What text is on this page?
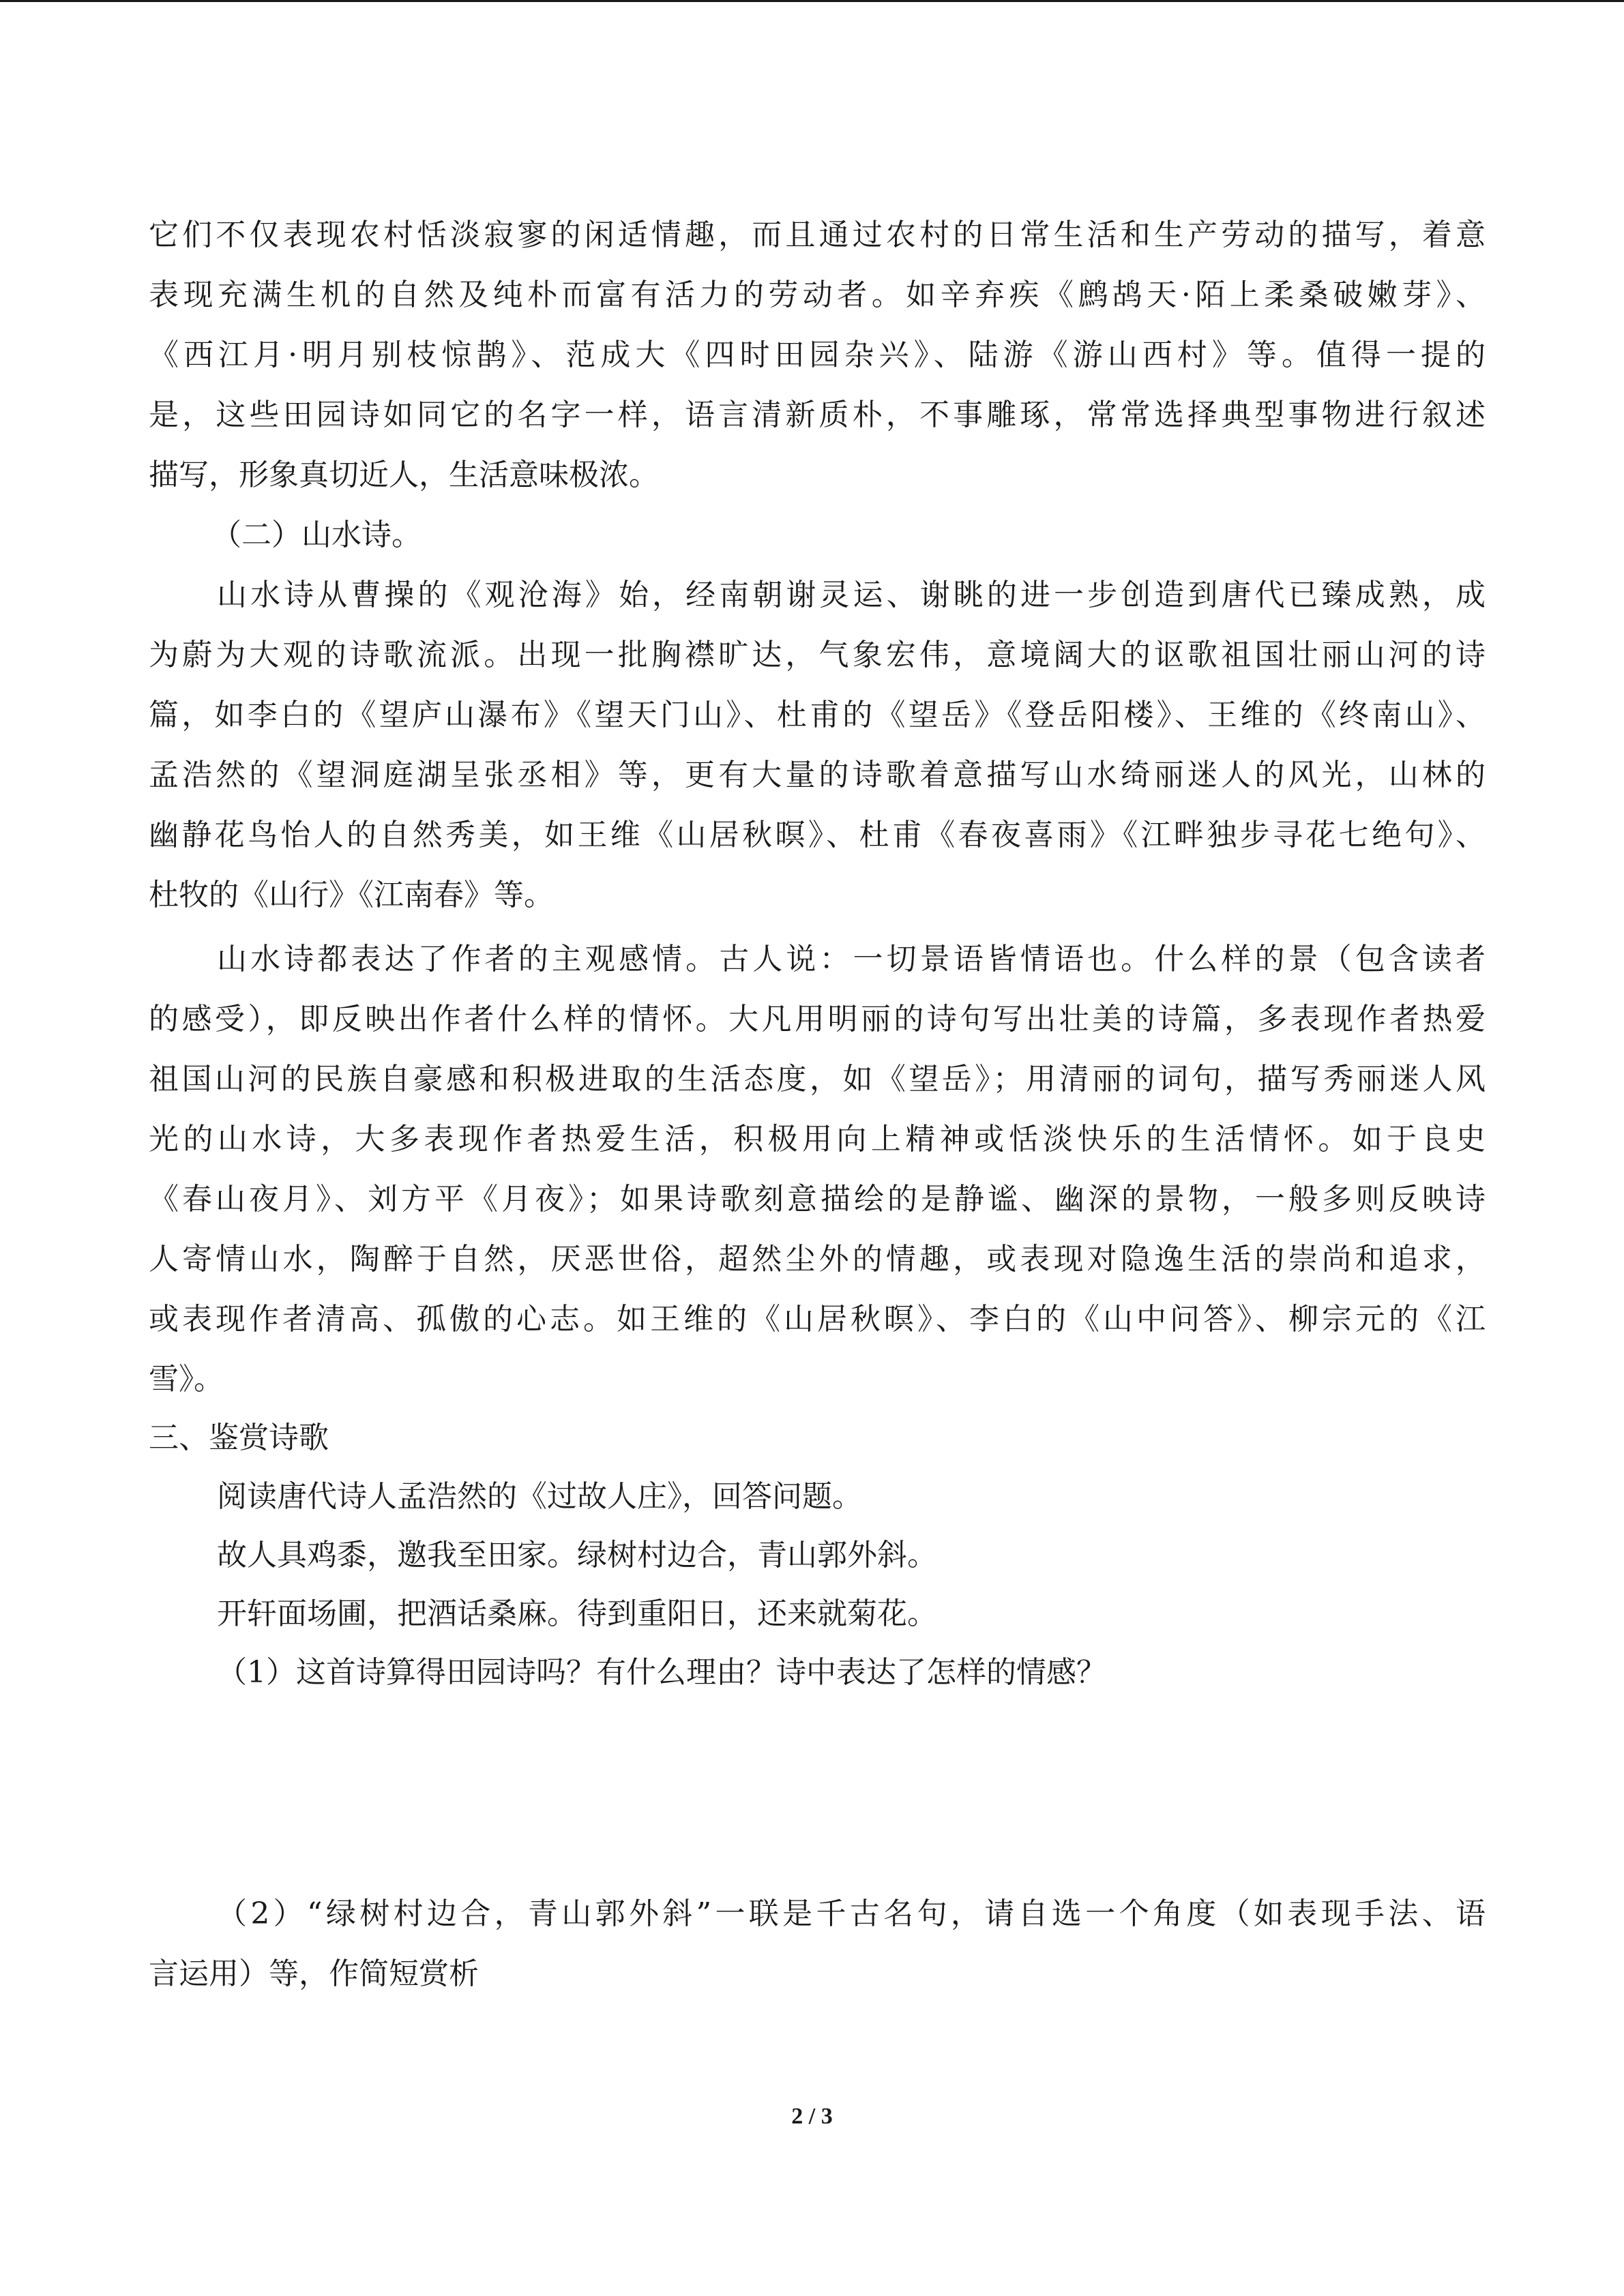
它们不仅表现农村恬淡寂寥的闲适情趣，而且通过农村的日常生活和生产劳动的描写，着意
表现充满生机的自然及纯朴而富有活力的劳动者。如辛弃疾《鹧鸪天·陌上柔桑破嫩芽》、
《西江月·明月别枝惊鹊》、范成大《四时田园杂兴》、陆游《游山西村》等。值得一提的
是，这些田园诗如同它的名字一样，语言清新质朴，不事雕琢，常常选择典型事物进行叙述
描写，形象真切近人，生活意味极浓。
（二）山水诗。
山水诗从曹操的《观沧海》始，经南朝谢灵运、谢眺的进一步创造到唐代已臻成熟，成
为蔚为大观的诗歌流派。出现一批胸襟旷达，气象宏伟，意境阔大的讴歌祖国壮丽山河的诗
篇，如李白的《望庐山瀑布》《望天门山》、杜甫的《望岳》《登岳阳楼》、王维的《终南山》、
孟浩然的《望洞庭湖呈张丞相》等，更有大量的诗歌着意描写山水绮丽迷人的风光，山林的
幽静花鸟怡人的自然秀美，如王维《山居秋暝》、杜甫《春夜喜雨》《江畔独步寻花七绝句》、
杜牧的《山行》《江南春》等。
山水诗都表达了作者的主观感情。古人说：一切景语皆情语也。什么样的景（包含读者
的感受），即反映出作者什么样的情怀。大凡用明丽的诗句写出壮美的诗篇，多表现作者热爱
祖国山河的民族自豪感和积极进取的生活态度，如《望岳》；用清丽的词句，描写秀丽迷人风
光的山水诗，大多表现作者热爱生活，积极用向上精神或恬淡快乐的生活情怀。如于良史
《春山夜月》、刘方平《月夜》；如果诗歌刻意描绘的是静谧、幽深的景物，一般多则反映诗
人寄情山水，陶醉于自然，厌恶世俗，超然尘外的情趣，或表现对隐逸生活的崇尚和追求，
或表现作者清高、孤傲的心志。如王维的《山居秋暝》、李白的《山中问答》、柳宗元的《江
雪》。
三、鉴赏诗歌
阅读唐代诗人孟浩然的《过故人庄》，回答问题。
故人具鸡黍，邀我至田家。绿树村边合，青山郭外斜。
开轩面场圃，把酒话桑麻。待到重阳日，还来就菊花。
（1）这首诗算得田园诗吗？有什么理由？诗中表达了怎样的情感？
（2）“绿树村边合，青山郭外斜”一联是千古名句，请自选一个角度（如表现手法、语
言运用）等，作简短赏析
2 / 3
